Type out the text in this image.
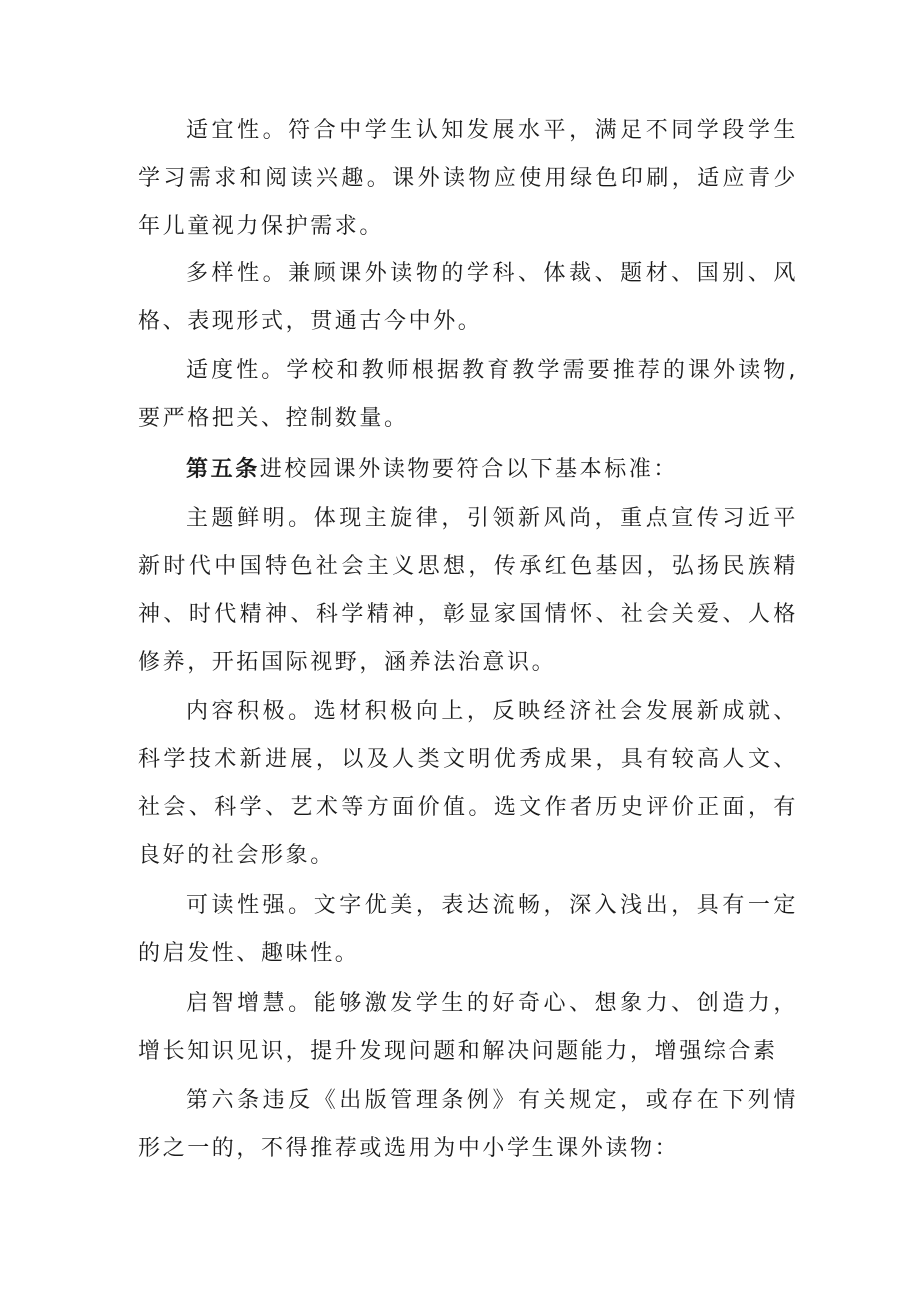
适宜性。符合中学生认知发展水平，满足不同学段学生学习需求和阅读兴趣。课外读物应使用绿色印刷，适应青少年儿童视力保护需求。

多样性。兼顾课外读物的学科、体裁、题材、国别、风格、表现形式，贯通古今中外。

适度性。学校和教师根据教育教学需要推荐的课外读物,要严格把关、控制数量。

第五条进校园课外读物要符合以下基本标准：

主题鲜明。体现主旋律，引领新风尚，重点宣传习近平新时代中国特色社会主义思想，传承红色基因，弘扬民族精神、时代精神、科学精神，彰显家国情怀、社会关爱、人格修养，开拓国际视野，涵养法治意识。

内容积极。选材积极向上，反映经济社会发展新成就、科学技术新进展，以及人类文明优秀成果，具有较高人文、社会、科学、艺术等方面价值。选文作者历史评价正面，有良好的社会形象。

可读性强。文字优美，表达流畅，深入浅出，具有一定的启发性、趣味性。

启智增慧。能够激发学生的好奇心、想象力、创造力，增长知识见识，提升发现问题和解决问题能力，增强综合素

第六条违反《出版管理条例》有关规定，或存在下列情形之一的，不得推荐或选用为中小学生课外读物：
